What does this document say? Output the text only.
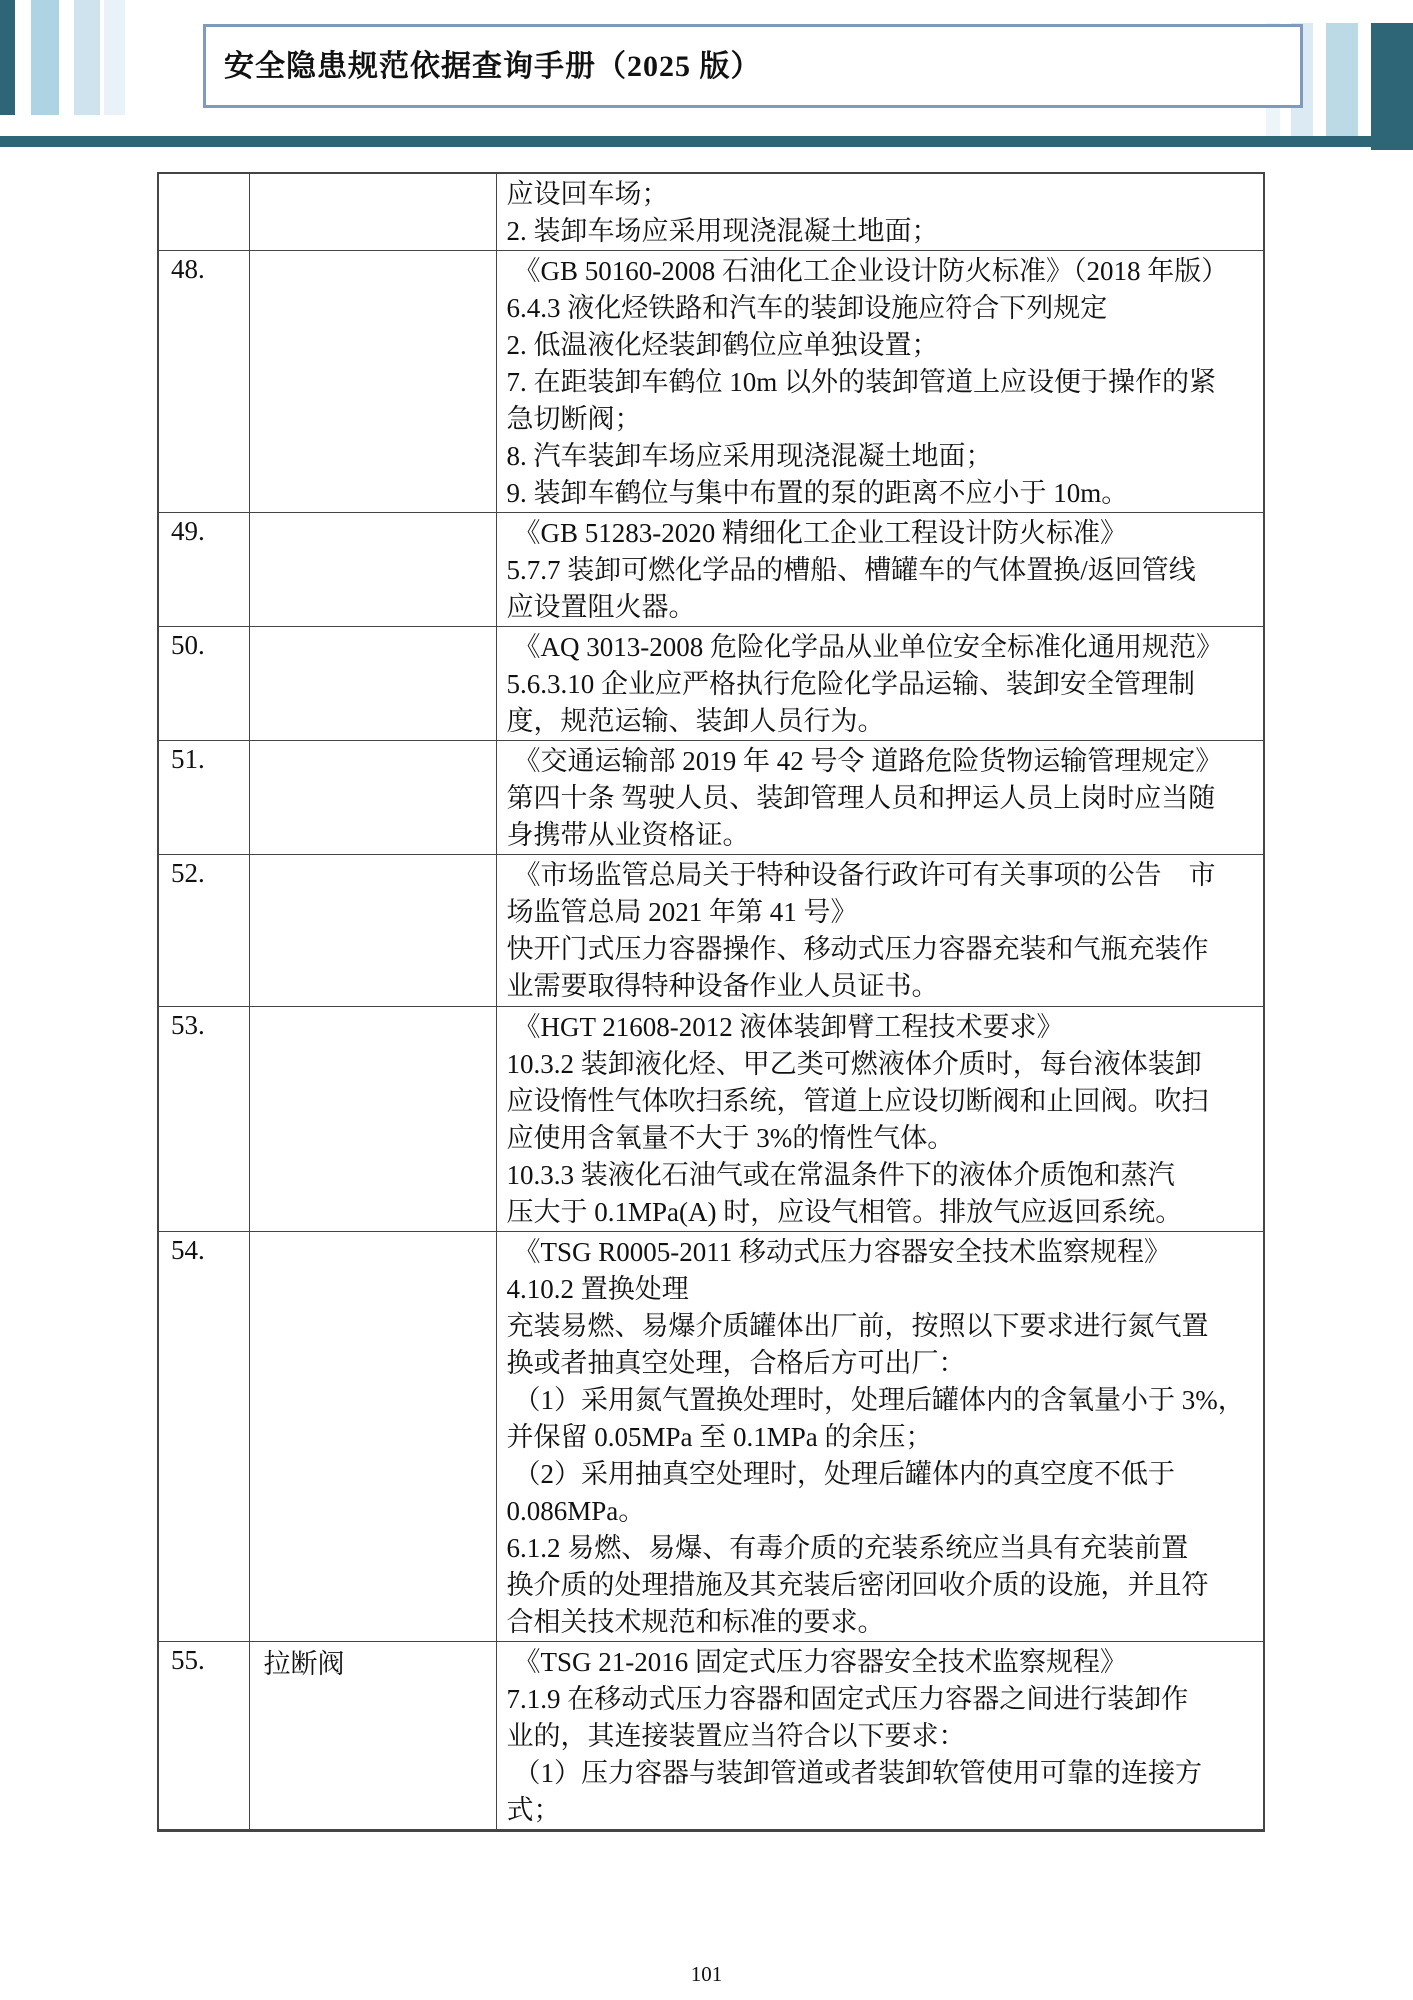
安全隐患规范依据查询手册（2025 版）

		应设回车场；
2. 装卸车场应采用现浇混凝土地面；

48.		《GB 50160-2008 石油化工企业设计防火标准》（2018 年版）
6.4.3 液化烃铁路和汽车的装卸设施应符合下列规定
2. 低温液化烃装卸鹤位应单独设置；
7. 在距装卸车鹤位 10m 以外的装卸管道上应设便于操作的紧
急切断阀；
8. 汽车装卸车场应采用现浇混凝土地面；
9. 装卸车鹤位与集中布置的泵的距离不应小于 10m。

49.		《GB 51283-2020 精细化工企业工程设计防火标准》
5.7.7 装卸可燃化学品的槽船、槽罐车的气体置换/返回管线
应设置阻火器。

50.		《AQ 3013-2008 危险化学品从业单位安全标准化通用规范》
5.6.3.10 企业应严格执行危险化学品运输、装卸安全管理制
度，规范运输、装卸人员行为。

51.		《交通运输部 2019 年 42 号令 道路危险货物运输管理规定》
第四十条 驾驶人员、装卸管理人员和押运人员上岗时应当随
身携带从业资格证。

52.		《市场监管总局关于特种设备行政许可有关事项的公告　市
场监管总局 2021 年第 41 号》
快开门式压力容器操作、移动式压力容器充装和气瓶充装作
业需要取得特种设备作业人员证书。

53.		《HGT 21608-2012 液体装卸臂工程技术要求》
10.3.2 装卸液化烃、甲乙类可燃液体介质时，每台液体装卸
应设惰性气体吹扫系统，管道上应设切断阀和止回阀。吹扫
应使用含氧量不大于 3%的惰性气体。
10.3.3 装液化石油气或在常温条件下的液体介质饱和蒸汽
压大于 0.1MPa(A) 时，应设气相管。排放气应返回系统。

54.		《TSG R0005-2011 移动式压力容器安全技术监察规程》
4.10.2 置换处理
充装易燃、易爆介质罐体出厂前，按照以下要求进行氮气置
换或者抽真空处理，合格后方可出厂：
（1）采用氮气置换处理时，处理后罐体内的含氧量小于 3%，
并保留 0.05MPa 至 0.1MPa 的余压；
（2）采用抽真空处理时，处理后罐体内的真空度不低于
0.086MPa。
6.1.2 易燃、易爆、有毒介质的充装系统应当具有充装前置
换介质的处理措施及其充装后密闭回收介质的设施，并且符
合相关技术规范和标准的要求。

55.	拉断阀	《TSG 21-2016 固定式压力容器安全技术监察规程》
7.1.9 在移动式压力容器和固定式压力容器之间进行装卸作
业的，其连接装置应当符合以下要求：
（1）压力容器与装卸管道或者装卸软管使用可靠的连接方
式；
101
